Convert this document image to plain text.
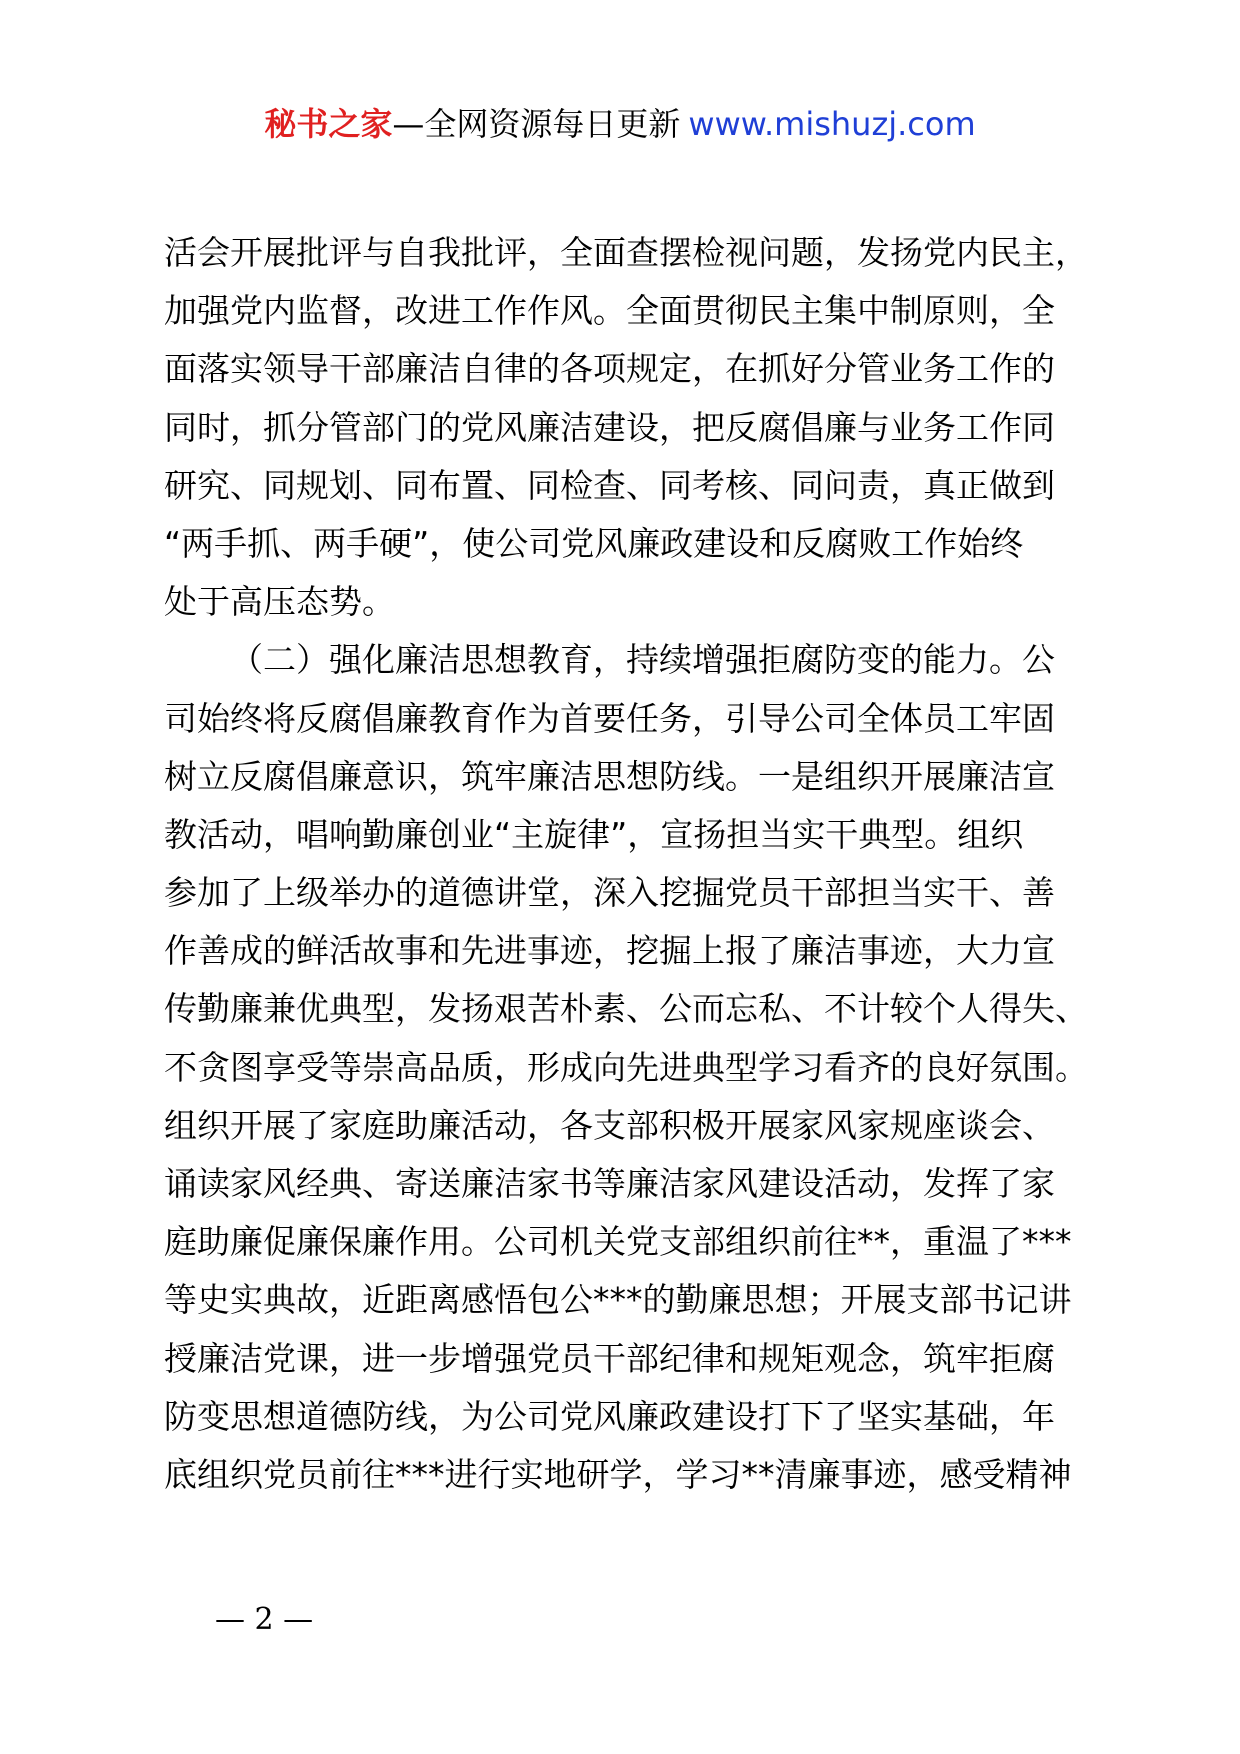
秘书之家—全网资源每日更新 www.mishuzj.com
活会开展批评与自我批评，全面查摆检视问题，发扬党内民主，
加强党内监督，改进工作作风。全面贯彻民主集中制原则，全
面落实领导干部廉洁自律的各项规定，在抓好分管业务工作的
同时，抓分管部门的党风廉洁建设，把反腐倡廉与业务工作同
研究、同规划、同布置、同检查、同考核、同问责，真正做到
“两手抓、两手硬”，使公司党风廉政建设和反腐败工作始终
处于高压态势。
（二）强化廉洁思想教育，持续增强拒腐防变的能力。公
司始终将反腐倡廉教育作为首要任务，引导公司全体员工牢固
树立反腐倡廉意识，筑牢廉洁思想防线。一是组织开展廉洁宣
教活动，唱响勤廉创业“主旋律”，宣扬担当实干典型。组织
参加了上级举办的道德讲堂，深入挖掘党员干部担当实干、善
作善成的鲜活故事和先进事迹，挖掘上报了廉洁事迹，大力宣
传勤廉兼优典型，发扬艰苦朴素、公而忘私、不计较个人得失、
不贪图享受等崇高品质，形成向先进典型学习看齐的良好氛围。
组织开展了家庭助廉活动，各支部积极开展家风家规座谈会、
诵读家风经典、寄送廉洁家书等廉洁家风建设活动，发挥了家
庭助廉促廉保廉作用。公司机关党支部组织前往**，重温了***
等史实典故，近距离感悟包公***的勤廉思想；开展支部书记讲
授廉洁党课，进一步增强党员干部纪律和规矩观念，筑牢拒腐
防变思想道德防线，为公司党风廉政建设打下了坚实基础，年
底组织党员前往***进行实地研学，学习**清廉事迹，感受精神
— 2 —
